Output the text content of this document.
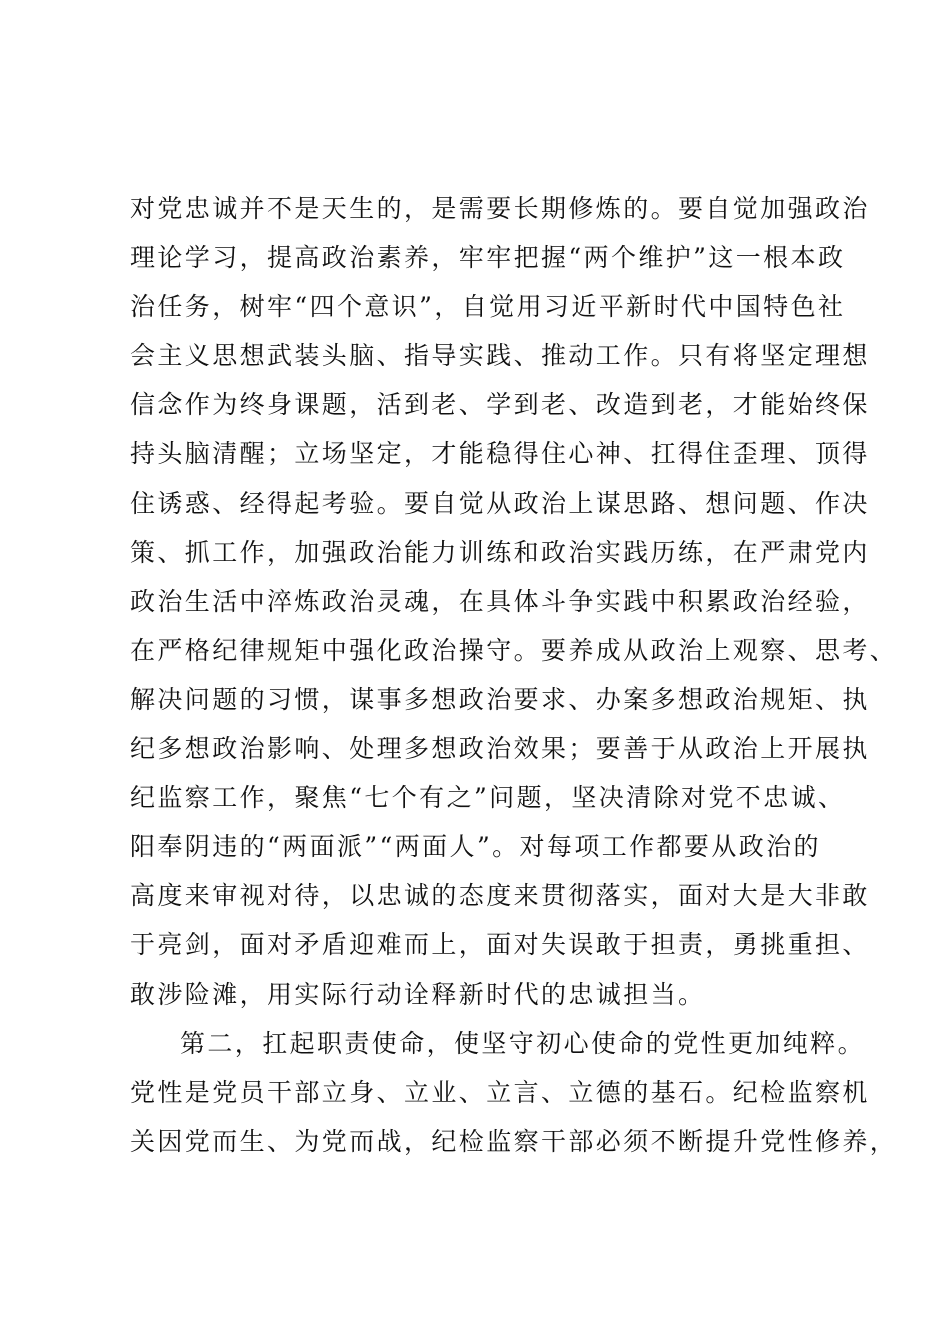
对党忠诚并不是天生的，是需要长期修炼的。要自觉加强政治

理论学习，提高政治素养，牢牢把握“两个维护”这一根本政

治任务，树牢“四个意识”，自觉用习近平新时代中国特色社

会主义思想武装头脑、指导实践、推动工作。只有将坚定理想

信念作为终身课题，活到老、学到老、改造到老，才能始终保

持头脑清醒；立场坚定，才能稳得住心神、扛得住歪理、顶得

住诱惑、经得起考验。要自觉从政治上谋思路、想问题、作决

策、抓工作，加强政治能力训练和政治实践历练，在严肃党内

政治生活中淬炼政治灵魂，在具体斗争实践中积累政治经验，

在严格纪律规矩中强化政治操守。要养成从政治上观察、思考、

解决问题的习惯，谋事多想政治要求、办案多想政治规矩、执

纪多想政治影响、处理多想政治效果；要善于从政治上开展执

纪监察工作，聚焦“七个有之”问题，坚决清除对党不忠诚、

阳奉阴违的“两面派”“两面人”。对每项工作都要从政治的

高度来审视对待，以忠诚的态度来贯彻落实，面对大是大非敢

于亮剑，面对矛盾迎难而上，面对失误敢于担责，勇挑重担、

敢涉险滩，用实际行动诠释新时代的忠诚担当。

第二，扛起职责使命，使坚守初心使命的党性更加纯粹。

党性是党员干部立身、立业、立言、立德的基石。纪检监察机

关因党而生、为党而战，纪检监察干部必须不断提升党性修养，
